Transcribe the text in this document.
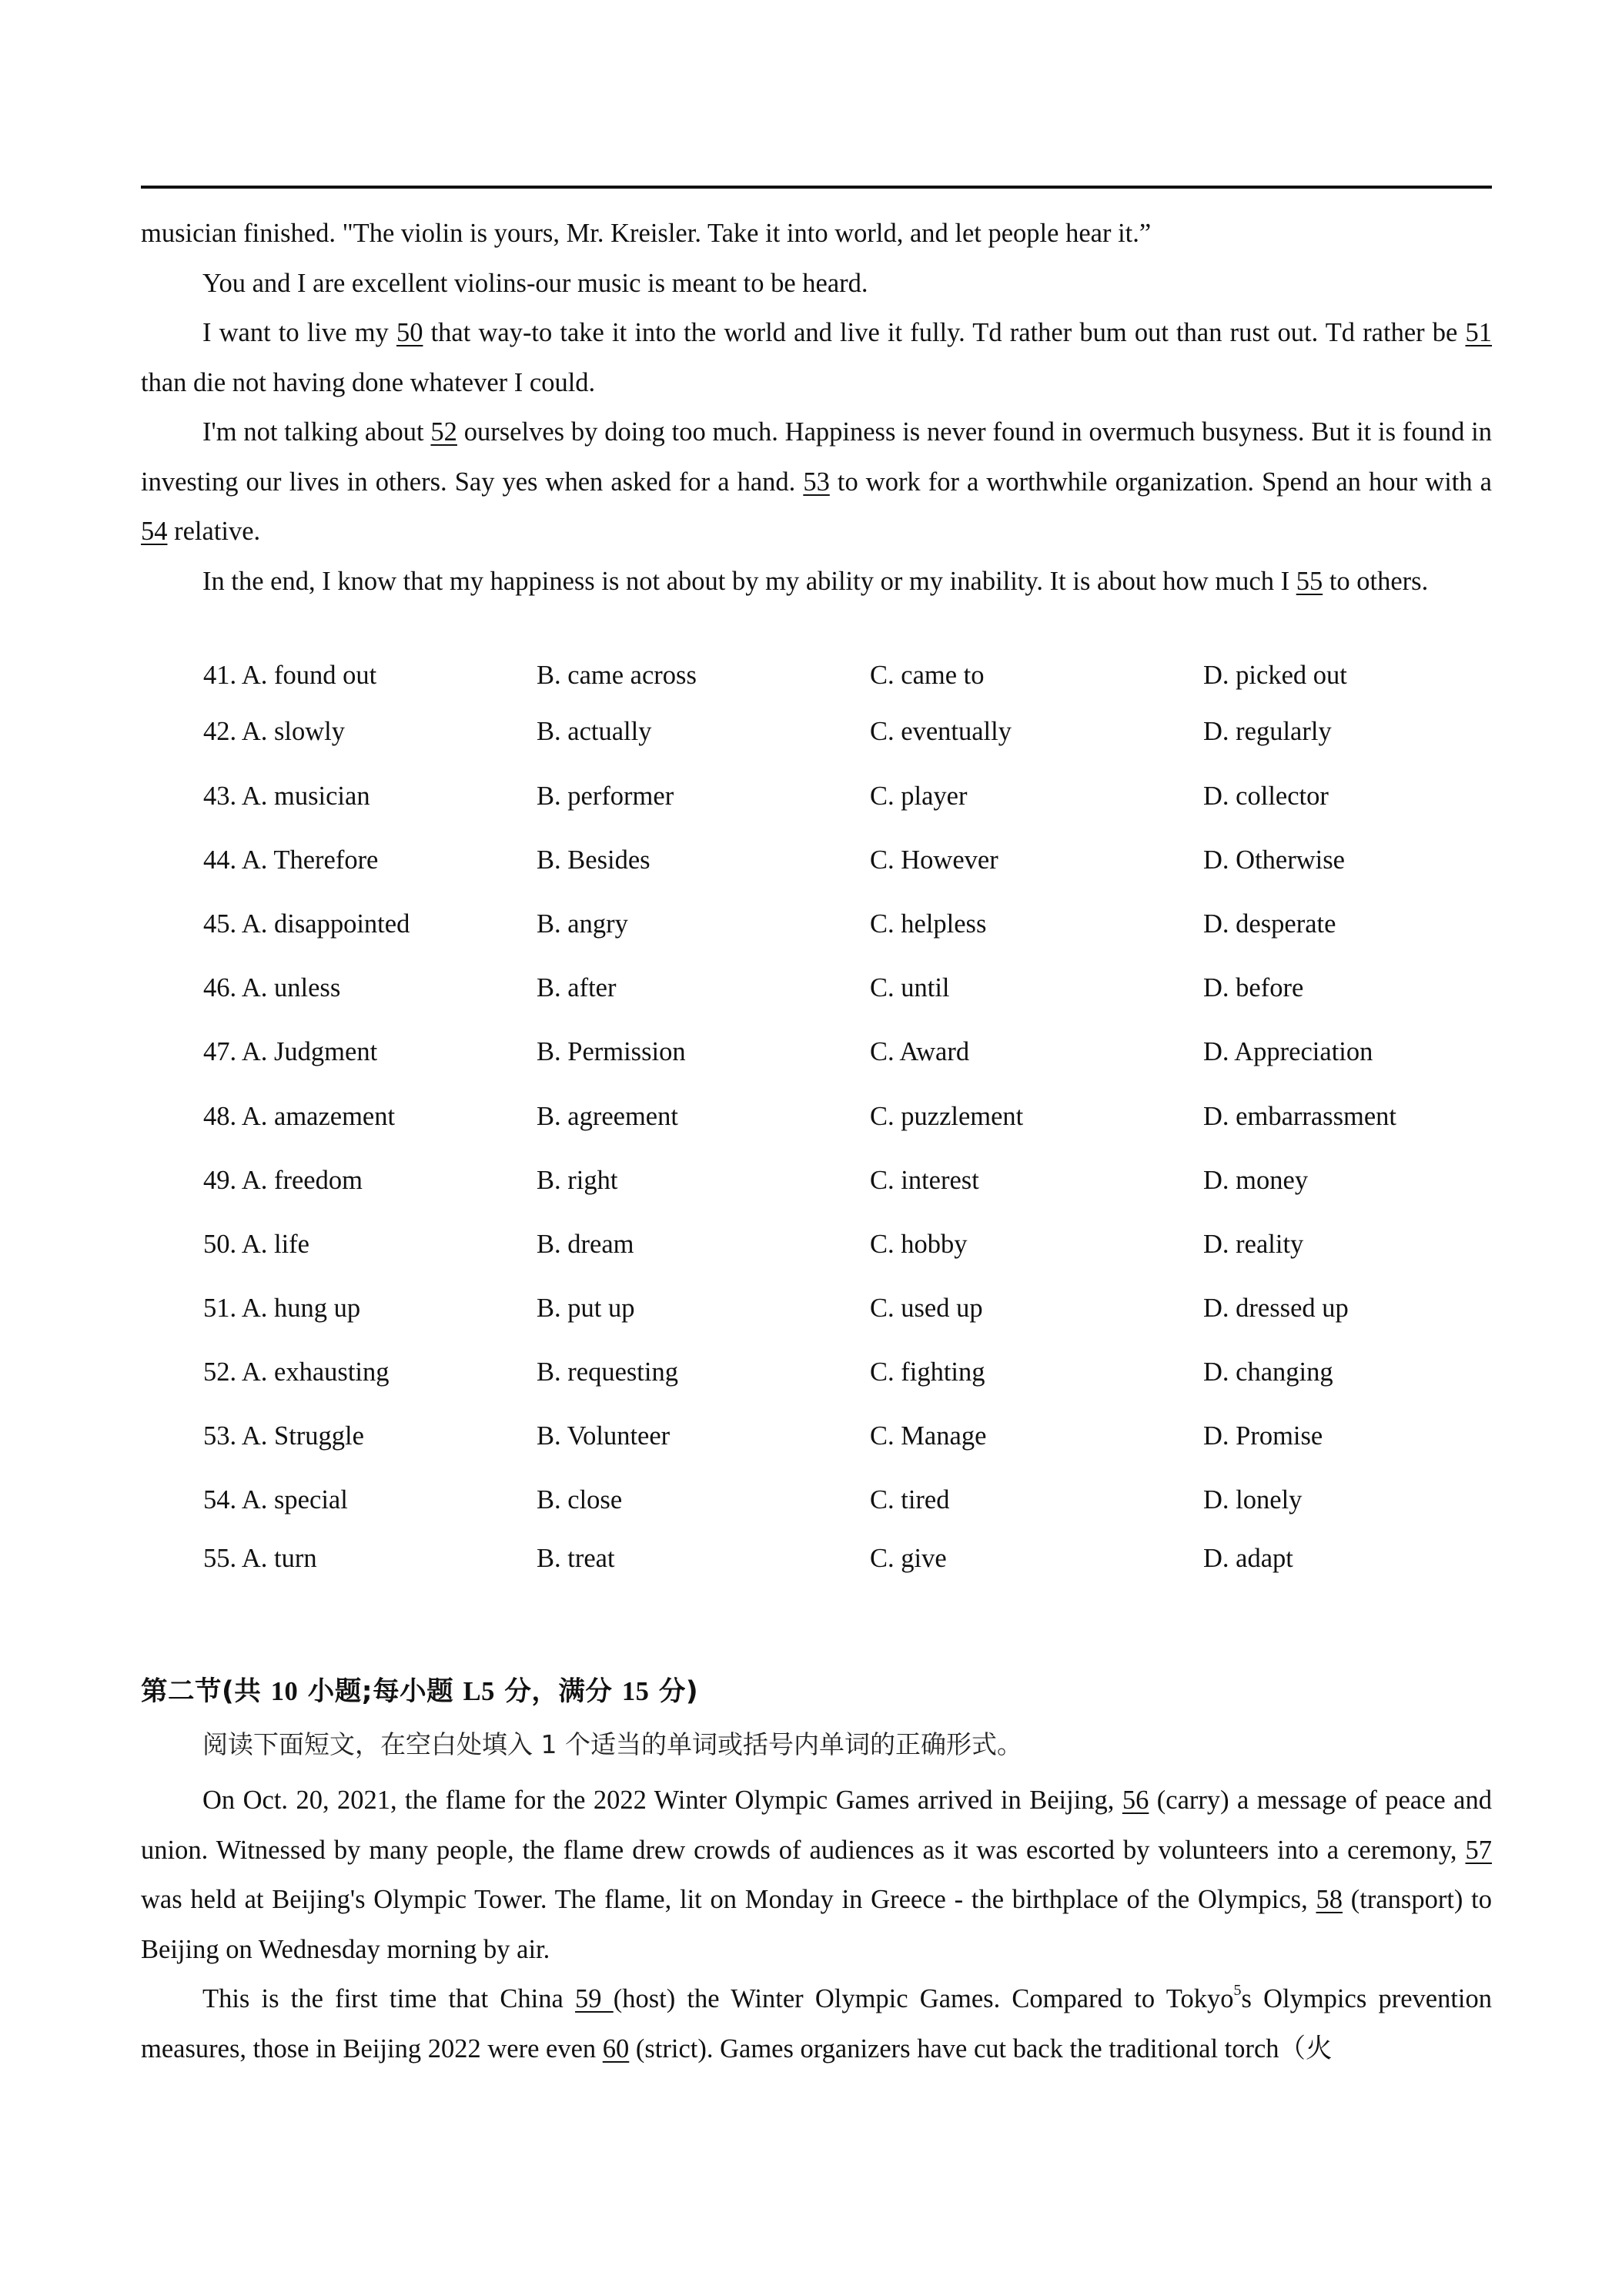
musician finished. "The violin is yours, Mr. Kreisler. Take it into world, and let people hear it.”

You and I are excellent violins-our music is meant to be heard.

I want to live my 50 that way-to take it into the world and live it fully. Td rather bum out than rust out. Td rather be 51 than die not having done whatever I could.

I'm not talking about 52 ourselves by doing too much. Happiness is never found in overmuch busyness. But it is found in investing our lives in others. Say yes when asked for a hand. 53 to work for a worthwhile organization. Spend an hour with a 54 relative.

In the end, I know that my happiness is not about by my ability or my inability. It is about how much I 55 to others.

41. A. found out	B. came across	C. came to	D. picked out
42. A. slowly	B. actually	C. eventually	D. regularly
43. A. musician	B. performer	C. player	D. collector
44. A. Therefore	B. Besides	C. However	D. Otherwise
45. A. disappointed	B. angry	C. helpless	D. desperate
46. A. unless	B. after	C. until	D. before
47. A. Judgment	B. Permission	C. Award	D. Appreciation
48. A. amazement	B. agreement	C. puzzlement	D. embarrassment
49. A. freedom	B. right	C. interest	D. money
50. A. life	B. dream	C. hobby	D. reality
51. A. hung up	B. put up	C. used up	D. dressed up
52. A. exhausting	B. requesting	C. fighting	D. changing
53. A. Struggle	B. Volunteer	C. Manage	D. Promise
54. A. special	B. close	C. tired	D. lonely
55. A. turn	B. treat	C. give	D. adapt
第二节(共 10 小题;每小题 L5 分，满分 15 分)
阅读下面短文，在空白处填入 1 个适当的单词或括号内单词的正确形式。

On Oct. 20, 2021, the flame for the 2022 Winter Olympic Games arrived in Beijing, 56 (carry) a message of peace and union. Witnessed by many people, the flame drew crowds of audiences as it was escorted by volunteers into a ceremony, 57 was held at Beijing's Olympic Tower. The flame, lit on Monday in Greece - the birthplace of the Olympics, 58 (transport) to Beijing on Wednesday morning by air.

This is the first time that China 59 (host) the Winter Olympic Games. Compared to Tokyo$^5$s Olympics prevention measures, those in Beijing 2022 were even 60 (strict). Games organizers have cut back the traditional torch（火
